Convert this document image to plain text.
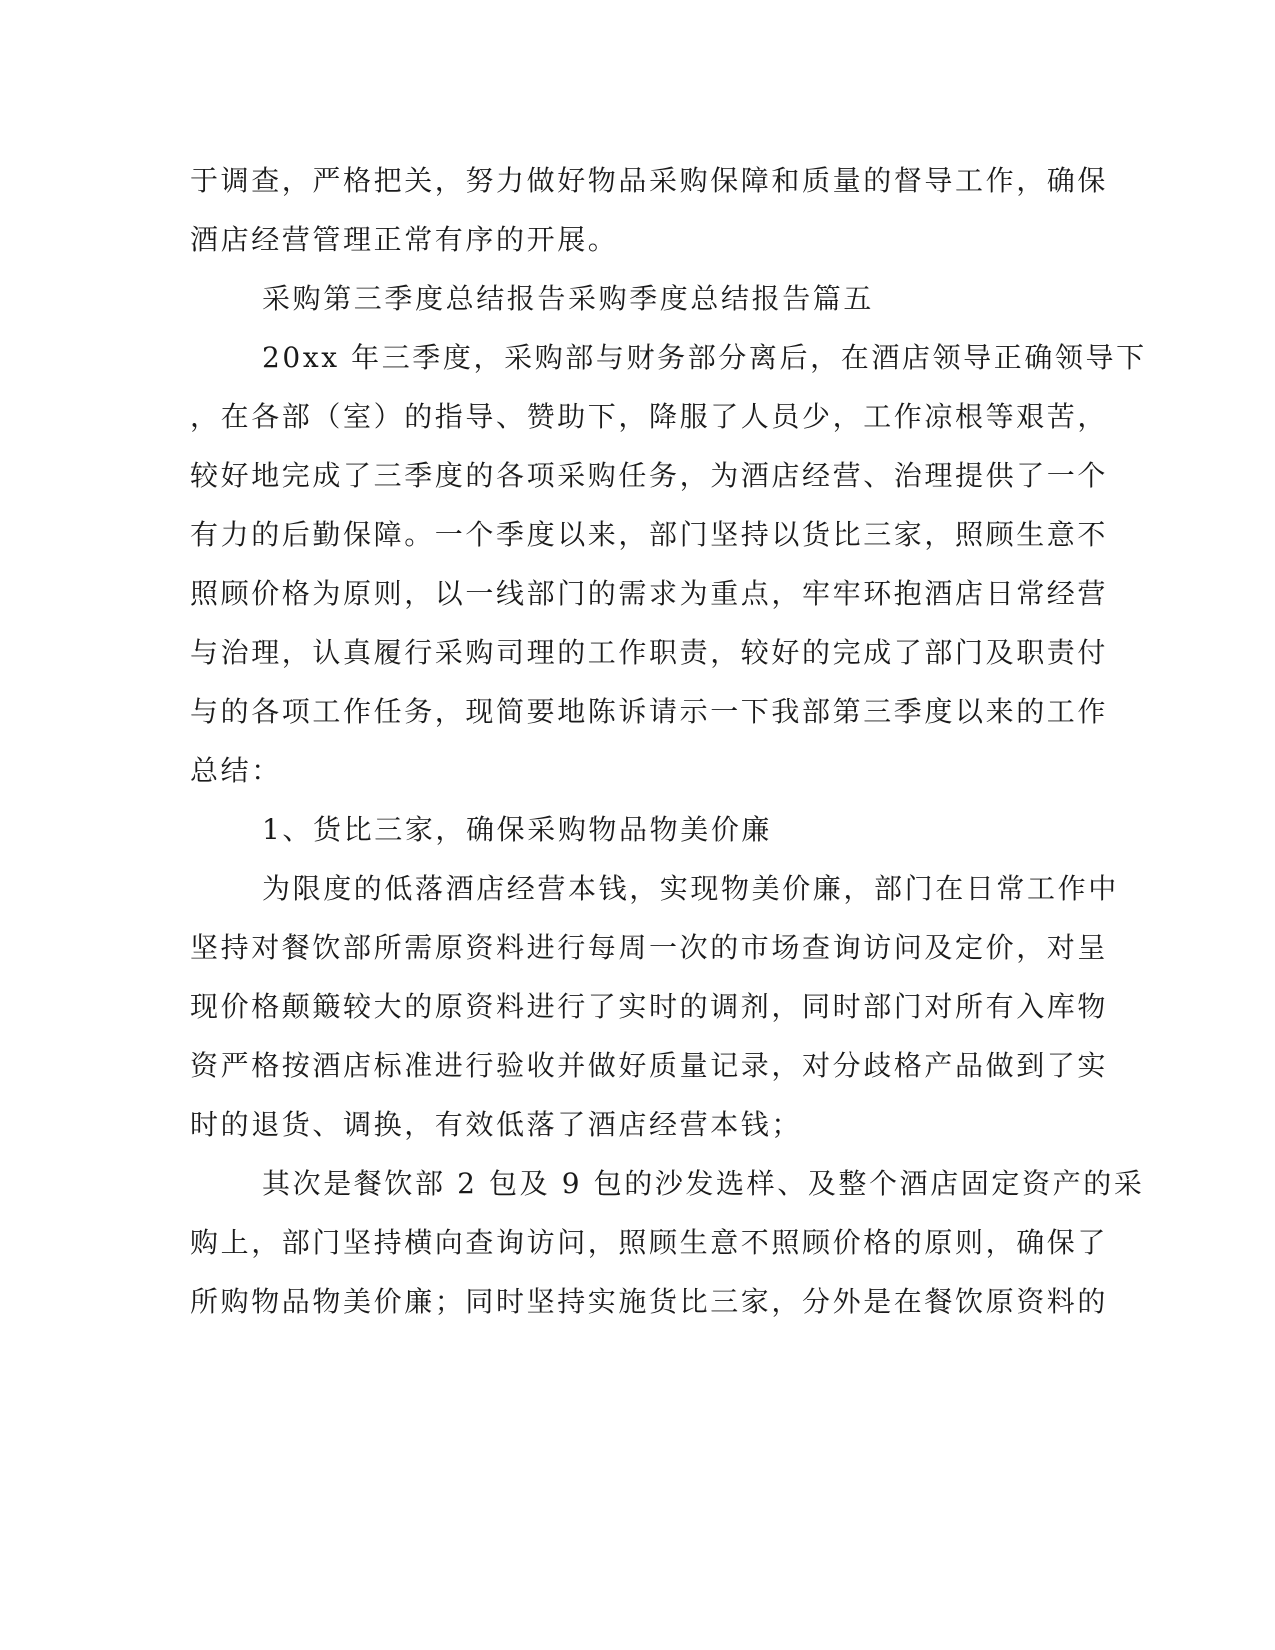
于调查，严格把关，努力做好物品采购保障和质量的督导工作，确保
酒店经营管理正常有序的开展。
采购第三季度总结报告采购季度总结报告篇五
20xx 年三季度，采购部与财务部分离后，在酒店领导正确领导下
，在各部（室）的指导、赞助下，降服了人员少，工作凉根等艰苦，
较好地完成了三季度的各项采购任务，为酒店经营、治理提供了一个
有力的后勤保障。一个季度以来，部门坚持以货比三家，照顾生意不
照顾价格为原则，以一线部门的需求为重点，牢牢环抱酒店日常经营
与治理，认真履行采购司理的工作职责，较好的完成了部门及职责付
与的各项工作任务，现简要地陈诉请示一下我部第三季度以来的工作
总结：
1、货比三家，确保采购物品物美价廉
为限度的低落酒店经营本钱，实现物美价廉，部门在日常工作中
坚持对餐饮部所需原资料进行每周一次的市场查询访问及定价，对呈
现价格颠簸较大的原资料进行了实时的调剂，同时部门对所有入库物
资严格按酒店标准进行验收并做好质量记录，对分歧格产品做到了实
时的退货、调换，有效低落了酒店经营本钱；
其次是餐饮部 2 包及 9 包的沙发选样、及整个酒店固定资产的采
购上，部门坚持横向查询访问，照顾生意不照顾价格的原则，确保了
所购物品物美价廉；同时坚持实施货比三家，分外是在餐饮原资料的
